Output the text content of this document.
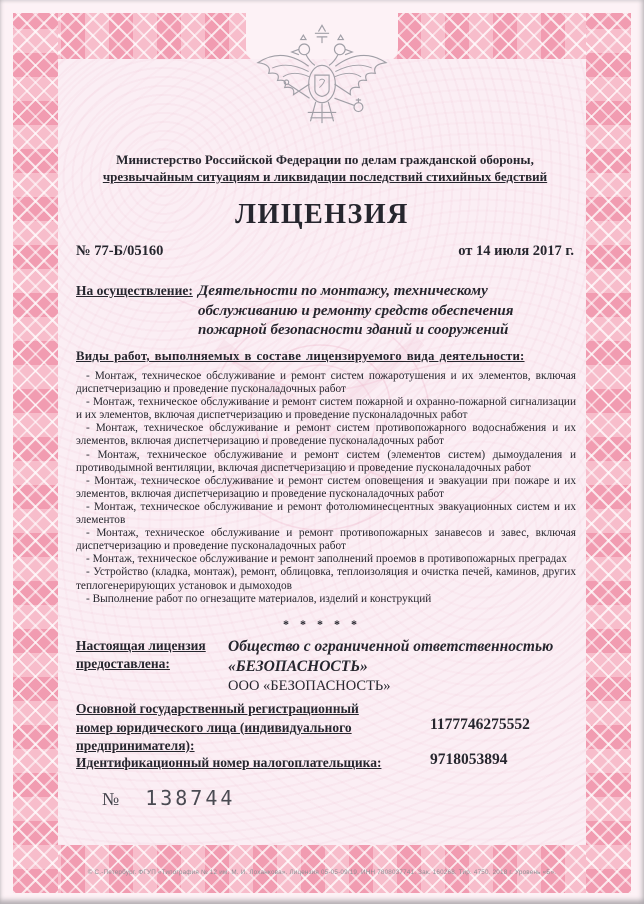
Министерство Российской Федерации по делам гражданской обороны,
чрезвычайным ситуациям и ликвидации последствий стихийных бедствий
ЛИЦЕНЗИЯ
№ 77-Б/05160	от 14 июля 2017 г.
На осуществление: Деятельности по монтажу, техническому обслуживанию и ремонту средств обеспечения пожарной безопасности зданий и сооружений
Виды работ, выполняемых в составе лицензируемого вида деятельности:

- Монтаж, техническое обслуживание и ремонт систем пожаротушения и их элементов, включая диспетчеризацию и проведение пусконаладочных работ

- Монтаж, техническое обслуживание и ремонт систем пожарной и охранно-пожарной сигнализации и их элементов, включая диспетчеризацию и проведение пусконаладочных работ

- Монтаж, техническое обслуживание и ремонт систем противопожарного водоснабжения и их элементов, включая диспетчеризацию и проведение пусконаладочных работ

- Монтаж, техническое обслуживание и ремонт систем (элементов систем) дымоудаления и противодымной вентиляции, включая диспетчеризацию и проведение пусконаладочных работ

- Монтаж, техническое обслуживание и ремонт систем оповещения и эвакуации при пожаре и их элементов, включая диспетчеризацию и проведение пусконаладочных работ

- Монтаж, техническое обслуживание и ремонт фотолюминесцентных эвакуационных систем и их элементов

- Монтаж, техническое обслуживание и ремонт противопожарных занавесов и завес, включая диспетчеризацию и проведение пусконаладочных работ

- Монтаж, техническое обслуживание и ремонт заполнений проемов в противопожарных преградах

- Устройство (кладка, монтаж), ремонт, облицовка, теплоизоляция и очистка печей, каминов, других теплогенерирующих установок и дымоходов

- Выполнение работ по огнезащите материалов, изделий и конструкций

* * * * *
Настоящая лицензия предоставлена:
Общество с ограниченной ответственностью «БЕЗОПАСНОСТЬ»
ООО «БЕЗОПАСНОСТЬ»
Основной государственный регистрационный номер юридического лица (индивидуального предпринимателя):
1177746275552
Идентификационный номер налогоплательщика:	9718053894
№ 138744
© С.-Петербург. ФГУП «Типография № 12 им. М. И. Лоханкова». Лицензия 05-05-09/19, ИНН 7808037741. Зак. 160268. Тир. 4750. 2018 г. Уровень «Б».
